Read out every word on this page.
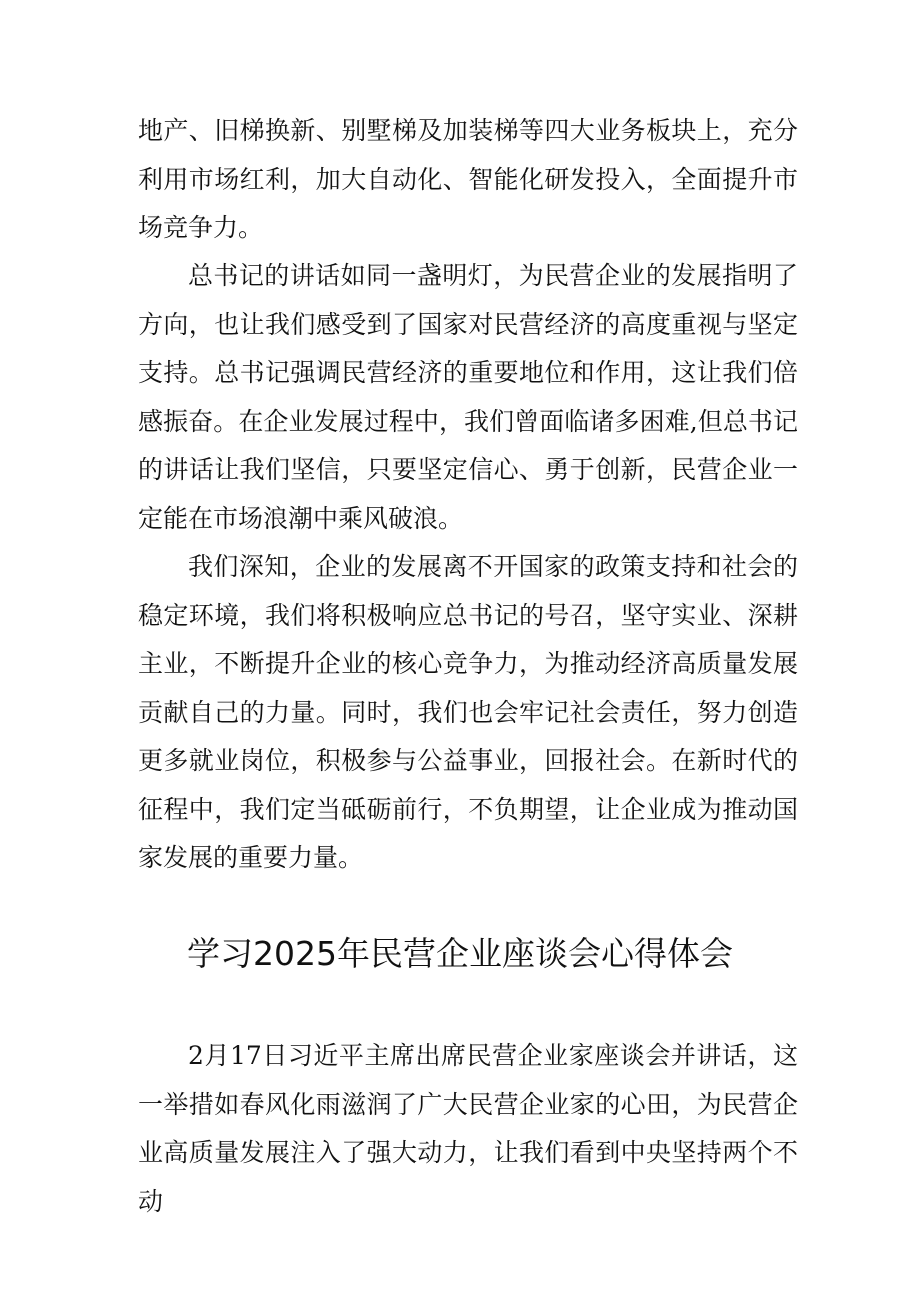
地产、旧梯换新、别墅梯及加装梯等四大业务板块上，充分利用市场红利，加大自动化、智能化研发投入，全面提升市场竞争力。

总书记的讲话如同一盏明灯，为民营企业的发展指明了方向，也让我们感受到了国家对民营经济的高度重视与坚定支持。总书记强调民营经济的重要地位和作用，这让我们倍感振奋。在企业发展过程中，我们曾面临诸多困难,但总书记的讲话让我们坚信，只要坚定信心、勇于创新，民营企业一定能在市场浪潮中乘风破浪。

我们深知，企业的发展离不开国家的政策支持和社会的稳定环境，我们将积极响应总书记的号召，坚守实业、深耕主业，不断提升企业的核心竞争力，为推动经济高质量发展贡献自己的力量。同时，我们也会牢记社会责任，努力创造更多就业岗位，积极参与公益事业，回报社会。在新时代的征程中，我们定当砥砺前行，不负期望，让企业成为推动国家发展的重要力量。

学习2025年民营企业座谈会心得体会

2月17日习近平主席出席民营企业家座谈会并讲话，这一举措如春风化雨滋润了广大民营企业家的心田，为民营企业高质量发展注入了强大动力，让我们看到中央坚持两个不动
